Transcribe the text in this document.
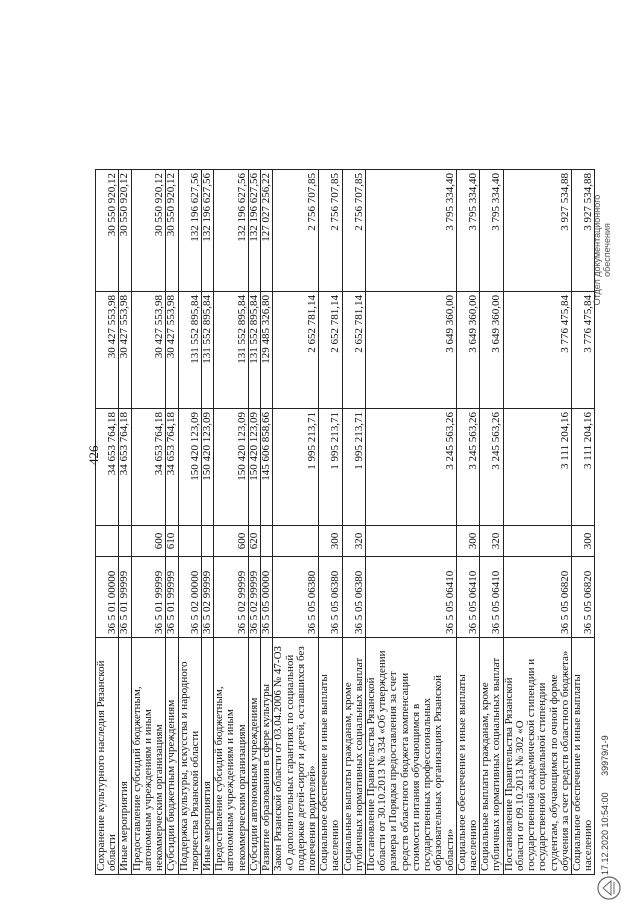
426
Сохранение культурного наследия Рязанской области	36 5 01 00000		34 653 764,18	30 427 553,98	30 550 920,12
Иные мероприятия	36 5 01 99999		34 653 764,18	30 427 553,98	30 550 920,12
Предоставление субсидий бюджетным, автономным учреждениям и иным некоммерческим организациям	36 5 01 99999	600	34 653 764,18	30 427 553,98	30 550 920,12
Субсидии бюджетным учреждениям	36 5 01 99999	610	34 653 764,18	30 427 553,98	30 550 920,12
Поддержка культуры, искусства и народного творчества Рязанской области	36 5 02 00000		150 420 123,09	131 552 895,84	132 196 627,56
Иные мероприятия	36 5 02 99999		150 420 123,09	131 552 895,84	132 196 627,56
Предоставление субсидий бюджетным, автономным учреждениям и иным некоммерческим организациям	36 5 02 99999	600	150 420 123,09	131 552 895,84	132 196 627,56
Субсидии автономным учреждениям	36 5 02 99999	620	150 420 123,09	131 552 895,84	132 196 627,56
Развитие образования в сфере культуры	36 5 05 00000		145 606 858,66	129 485 326,80	127 027 256,22
Закон Рязанской области от 03.04.2006 № 47-ОЗ «О дополнительных гарантиях по социальной поддержке детей-сирот и детей, оставшихся без попечения родителей»	36 5 05 06380		1 995 213,71	2 652 781,14	2 756 707,85
Социальное обеспечение и иные выплаты населению	36 5 05 06380	300	1 995 213,71	2 652 781,14	2 756 707,85
Социальные выплаты гражданам, кроме публичных нормативных социальных выплат	36 5 05 06380	320	1 995 213,71	2 652 781,14	2 756 707,85
Постановление Правительства Рязанской области от 30.10.2013 № 334 «Об утверждении размера и Порядка предоставления за счет средств областного бюджета компенсации стоимости питания обучающимся в государственных профессиональных образовательных организациях Рязанской области»	36 5 05 06410		3 245 563,26	3 649 360,00	3 795 334,40
Социальное обеспечение и иные выплаты населению	36 5 05 06410	300	3 245 563,26	3 649 360,00	3 795 334,40
Социальные выплаты гражданам, кроме публичных нормативных социальных выплат	36 5 05 06410	320	3 245 563,26	3 649 360,00	3 795 334,40
Постановление Правительства Рязанской области от 09.10.2013 № 302 «О государственной академической стипендии и государственной социальной стипендии студентам, обучающимся по очной форме обучения за счет средств областного бюджета»	36 5 05 06820		3 111 204,16	3 776 475,84	3 927 534,88
Социальное обеспечение и иные выплаты населению	36 5 05 06820	300	3 111 204,16	3 776 475,84	3 927 534,88
17.12.2020 10:54:00 39979/1-9
Отдел документационного обеспечения
